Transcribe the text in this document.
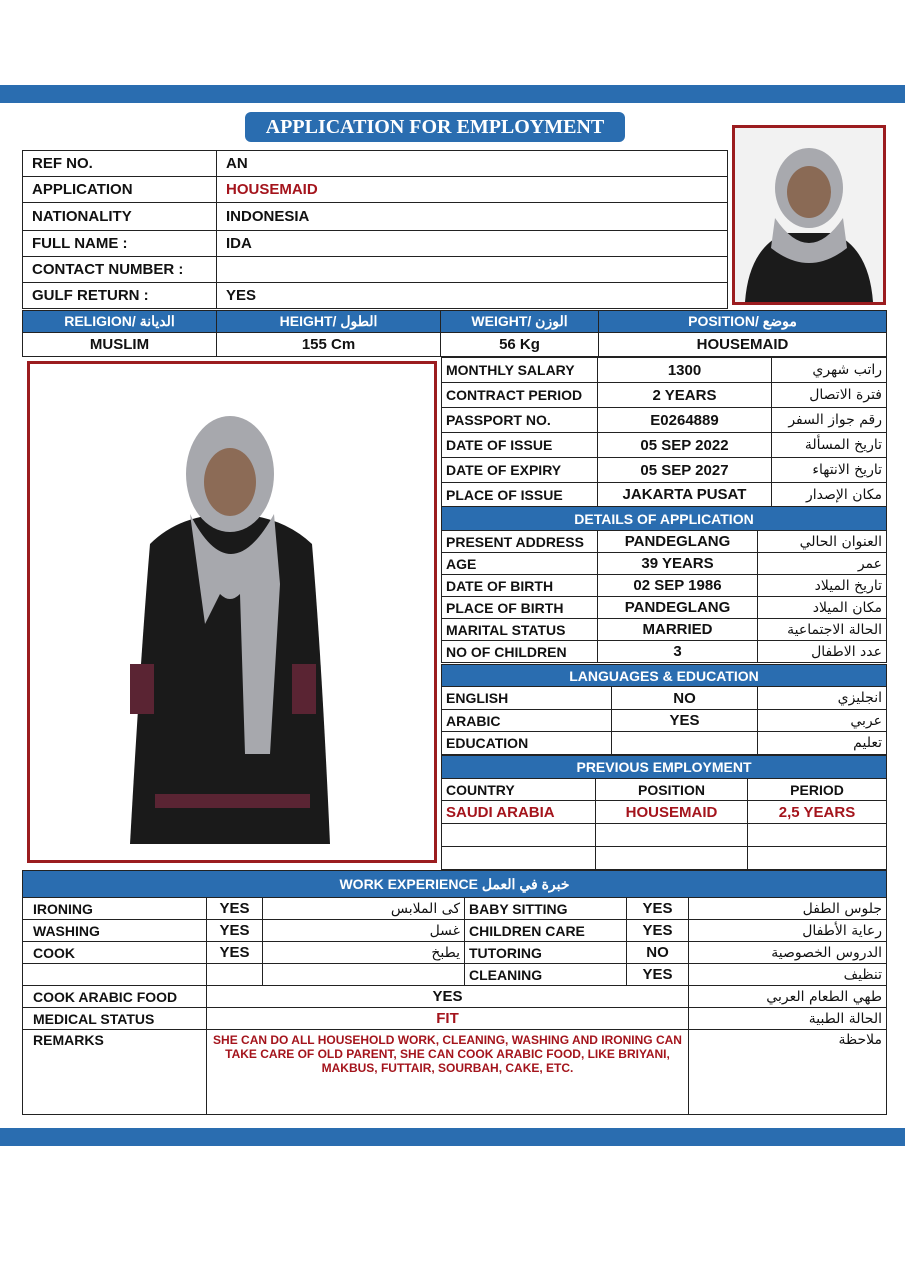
APPLICATION FOR EMPLOYMENT
REF NO.	AN
APPLICATION	HOUSEMAID
NATIONALITY	INDONESIA
FULL NAME :	IDA
CONTACT NUMBER :	
GULF RETURN :	YES
RELIGION/ الديانة	HEIGHT/ الطول	WEIGHT/ الوزن	POSITION/ موضع
MUSLIM	155 Cm	56 Kg	HOUSEMAID
MONTHLY SALARY	1300	راتب شهري
CONTRACT PERIOD	2 YEARS	فترة الاتصال
PASSPORT NO.	E0264889	رقم جواز السفر
DATE OF ISSUE	05 SEP 2022	تاريخ المسألة
DATE OF EXPIRY	05 SEP 2027	تاريخ الانتهاء
PLACE OF ISSUE	JAKARTA PUSAT	مكان الإصدار
DETAILS OF APPLICATION		
PRESENT ADDRESS	PANDEGLANG	العنوان الحالي
AGE	39 YEARS	عمر
DATE OF BIRTH	02 SEP 1986	تاريخ الميلاد
PLACE OF BIRTH	PANDEGLANG	مكان الميلاد
MARITAL STATUS	MARRIED	الحالة الاجتماعية
NO OF CHILDREN	3	عدد الاطفال
LANGUAGES & EDUCATION		
ENGLISH	NO	انجليزي
ARABIC	YES	عربي
EDUCATION		تعليم
PREVIOUS EMPLOYMENT		
COUNTRY	POSITION	PERIOD
SAUDI ARABIA	HOUSEMAID	2,5 YEARS

WORK EXPERIENCE خبرة في العمل					
IRONING	YES	كى الملابس	BABY SITTING	YES	جلوس الطفل
WASHING	YES	غسل	CHILDREN CARE	YES	رعاية الأطفال
COOK	YES	يطبخ	TUTORING	NO	الدروس الخصوصية
			CLEANING	YES	تنظيف
COOK ARABIC FOOD	YES				طهي الطعام العربي
MEDICAL STATUS	FIT				الحالة الطبية
REMARKS	SHE CAN DO ALL HOUSEHOLD WORK, CLEANING, WASHING AND IRONING CAN TAKE CARE OF OLD PARENT, SHE CAN COOK ARABIC FOOD, LIKE BRIYANI, MAKBUS, FUTTAIR, SOURBAH, CAKE, ETC.				ملاحظة
